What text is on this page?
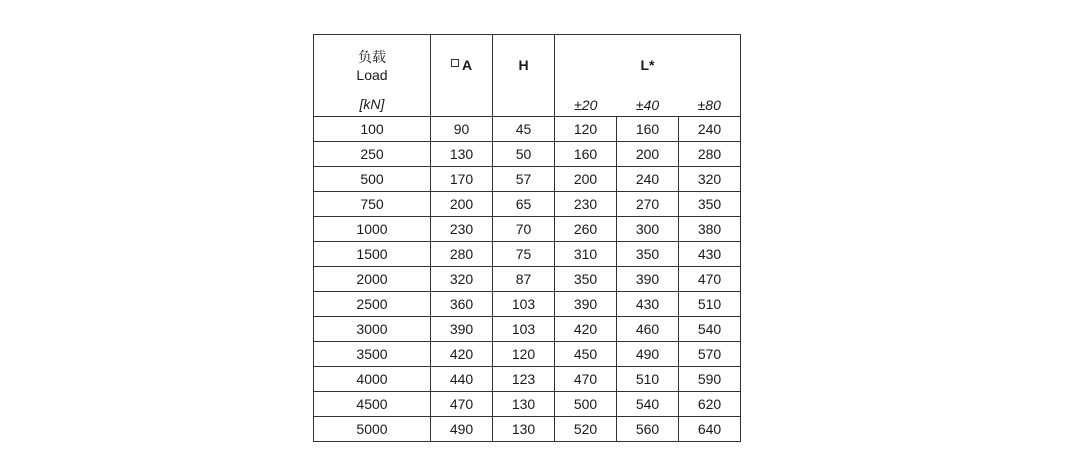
负载
Load
[kN]	A	H	L*		
			±20	±40	±80
100	90	45	120	160	240
250	130	50	160	200	280
500	170	57	200	240	320
750	200	65	230	270	350
1000	230	70	260	300	380
1500	280	75	310	350	430
2000	320	87	350	390	470
2500	360	103	390	430	510
3000	390	103	420	460	540
3500	420	120	450	490	570
4000	440	123	470	510	590
4500	470	130	500	540	620
5000	490	130	520	560	640
